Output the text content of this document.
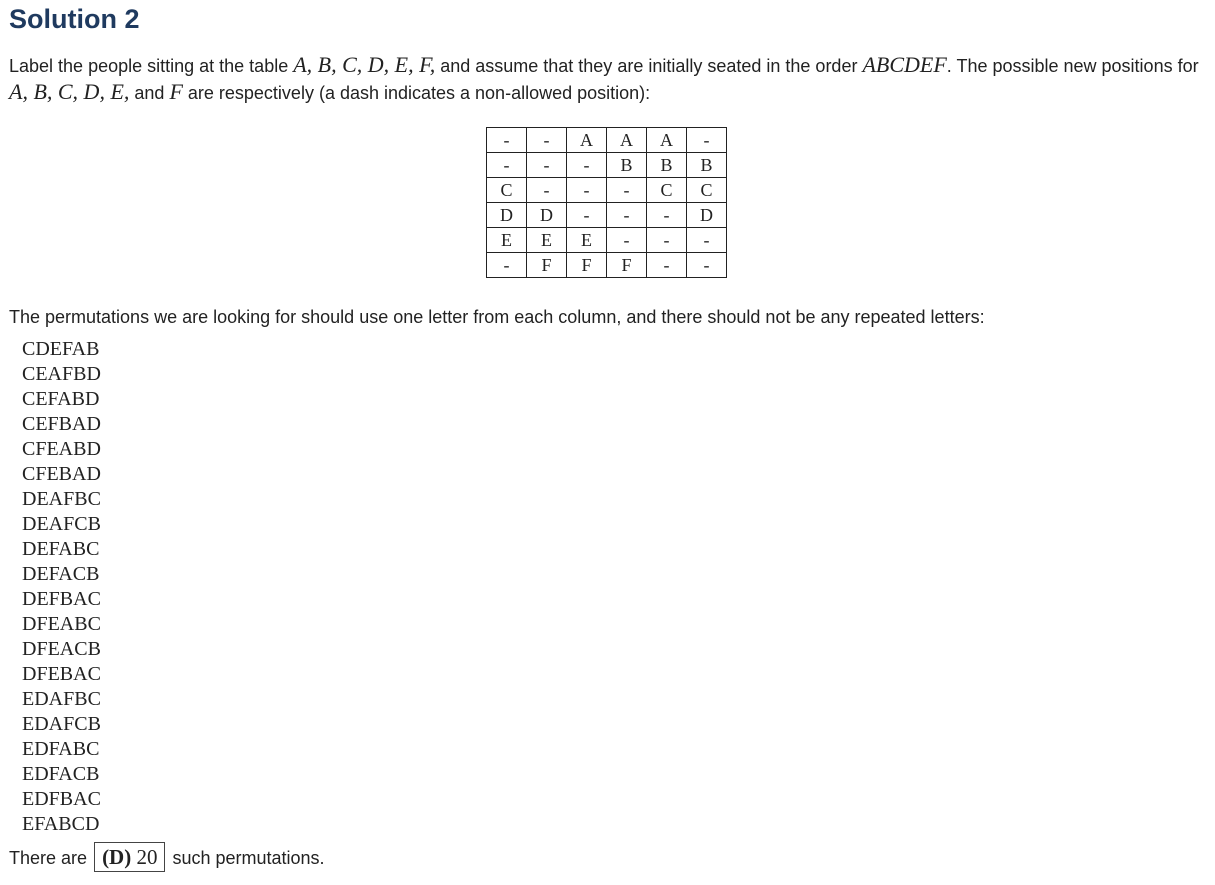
Solution 2

Label the people sitting at the table A, B, C, D, E, F, and assume that they are initially seated in the order ABCDEF. The possible new positions for A, B, C, D, E, and F are respectively (a dash indicates a non-allowed position):

-	-	A	A	A	-
-	-	-	B	B	B
C	-	-	-	C	C
D	D	-	-	-	D
E	E	E	-	-	-
-	F	F	F	-	-

The permutations we are looking for should use one letter from each column, and there should not be any repeated letters:

CDEFAB
CEAFBD
CEFABD
CEFBAD
CFEABD
CFEBAD
DEAFBC
DEAFCB
DEFABC
DEFACB
DEFBAC
DFEABC
DFEACB
DFEBAC
EDAFBC
EDAFCB
EDFABC
EDFACB
EDFBAC
EFABCD
There are (D) 20 such permutations.
